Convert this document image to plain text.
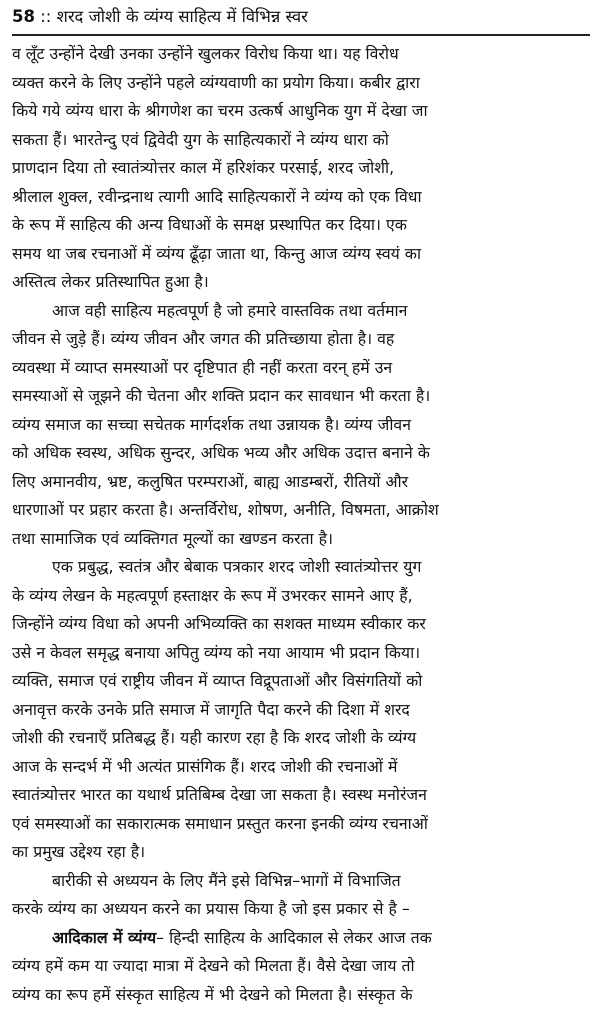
58 :: शरद जोशी के व्यंग्य साहित्य में विभिन्न स्वर
व लूँट उन्होंने देखी उनका उन्होंने खुलकर विरोध किया था। यह विरोध
व्यक्त करने के लिए उन्होंने पहले व्यंग्यवाणी का प्रयोग किया। कबीर द्वारा
किये गये व्यंग्य धारा के श्रीगणेश का चरम उत्कर्ष आधुनिक युग में देखा जा
सकता हैं। भारतेन्दु एवं द्विवेदी युग के साहित्यकारों ने व्यंग्य धारा को
प्राणदान दिया तो स्वातंत्र्योत्तर काल में हरिशंकर परसाई, शरद जोशी,
श्रीलाल शुक्ल, रवीन्द्रनाथ त्यागी आदि साहित्यकारों ने व्यंग्य को एक विधा
के रूप में साहित्य की अन्य विधाओं के समक्ष प्रस्थापित कर दिया। एक
समय था जब रचनाओं में व्यंग्य ढूँढ़ा जाता था, किन्तु आज व्यंग्य स्वयं का
अस्तित्व लेकर प्रतिस्थापित हुआ है।
आज वही साहित्य महत्वपूर्ण है जो हमारे वास्तविक तथा वर्तमान
जीवन से जुड़े हैं। व्यंग्य जीवन और जगत की प्रतिच्छाया होता है। वह
व्यवस्था में व्याप्त समस्याओं पर दृष्टिपात ही नहीं करता वरन् हमें उन
समस्याओं से जूझने की चेतना और शक्ति प्रदान कर सावधान भी करता है।
व्यंग्य समाज का सच्चा सचेतक मार्गदर्शक तथा उन्नायक है। व्यंग्य जीवन
को अधिक स्वस्थ, अधिक सुन्दर, अधिक भव्य और अधिक उदात्त बनाने के
लिए अमानवीय, भ्रष्ट, कलुषित परम्पराओं, बाह्य आडम्बरों, रीतियों और
धारणाओं पर प्रहार करता है। अन्तर्विरोध, शोषण, अनीति, विषमता, आक्रोश
तथा सामाजिक एवं व्यक्तिगत मूल्यों का खण्डन करता है।
एक प्रबुद्ध, स्वतंत्र और बेबाक पत्रकार शरद जोशी स्वातंत्र्योत्तर युग
के व्यंग्य लेखन के महत्वपूर्ण हस्ताक्षर के रूप में उभरकर सामने आए हैं,
जिन्होंने व्यंग्य विधा को अपनी अभिव्यक्ति का सशक्त माध्यम स्वीकार कर
उसे न केवल समृद्ध बनाया अपितु व्यंग्य को नया आयाम भी प्रदान किया।
व्यक्ति, समाज एवं राष्ट्रीय जीवन में व्याप्त विद्रूपताओं और विसंगतियों को
अनावृत्त करके उनके प्रति समाज में जागृति पैदा करने की दिशा में शरद
जोशी की रचनाएँ प्रतिबद्ध हैं। यही कारण रहा है कि शरद जोशी के व्यंग्य
आज के सन्दर्भ में भी अत्यंत प्रासंगिक हैं। शरद जोशी की रचनाओं में
स्वातंत्र्योत्तर भारत का यथार्थ प्रतिबिम्ब देखा जा सकता है। स्वस्थ मनोरंजन
एवं समस्याओं का सकारात्मक समाधान प्रस्तुत करना इनकी व्यंग्य रचनाओं
का प्रमुख उद्देश्य रहा है।
बारीकी से अध्ययन के लिए मैंने इसे विभिन्न–भागों में विभाजित
करके व्यंग्य का अध्ययन करने का प्रयास किया है जो इस प्रकार से है –
आदिकाल में व्यंग्य– हिन्दी साहित्य के आदिकाल से लेकर आज तक
व्यंग्य हमें कम या ज्यादा मात्रा में देखने को मिलता हैं। वैसे देखा जाय तो
व्यंग्य का रूप हमें संस्कृत साहित्य में भी देखने को मिलता है। संस्कृत के
